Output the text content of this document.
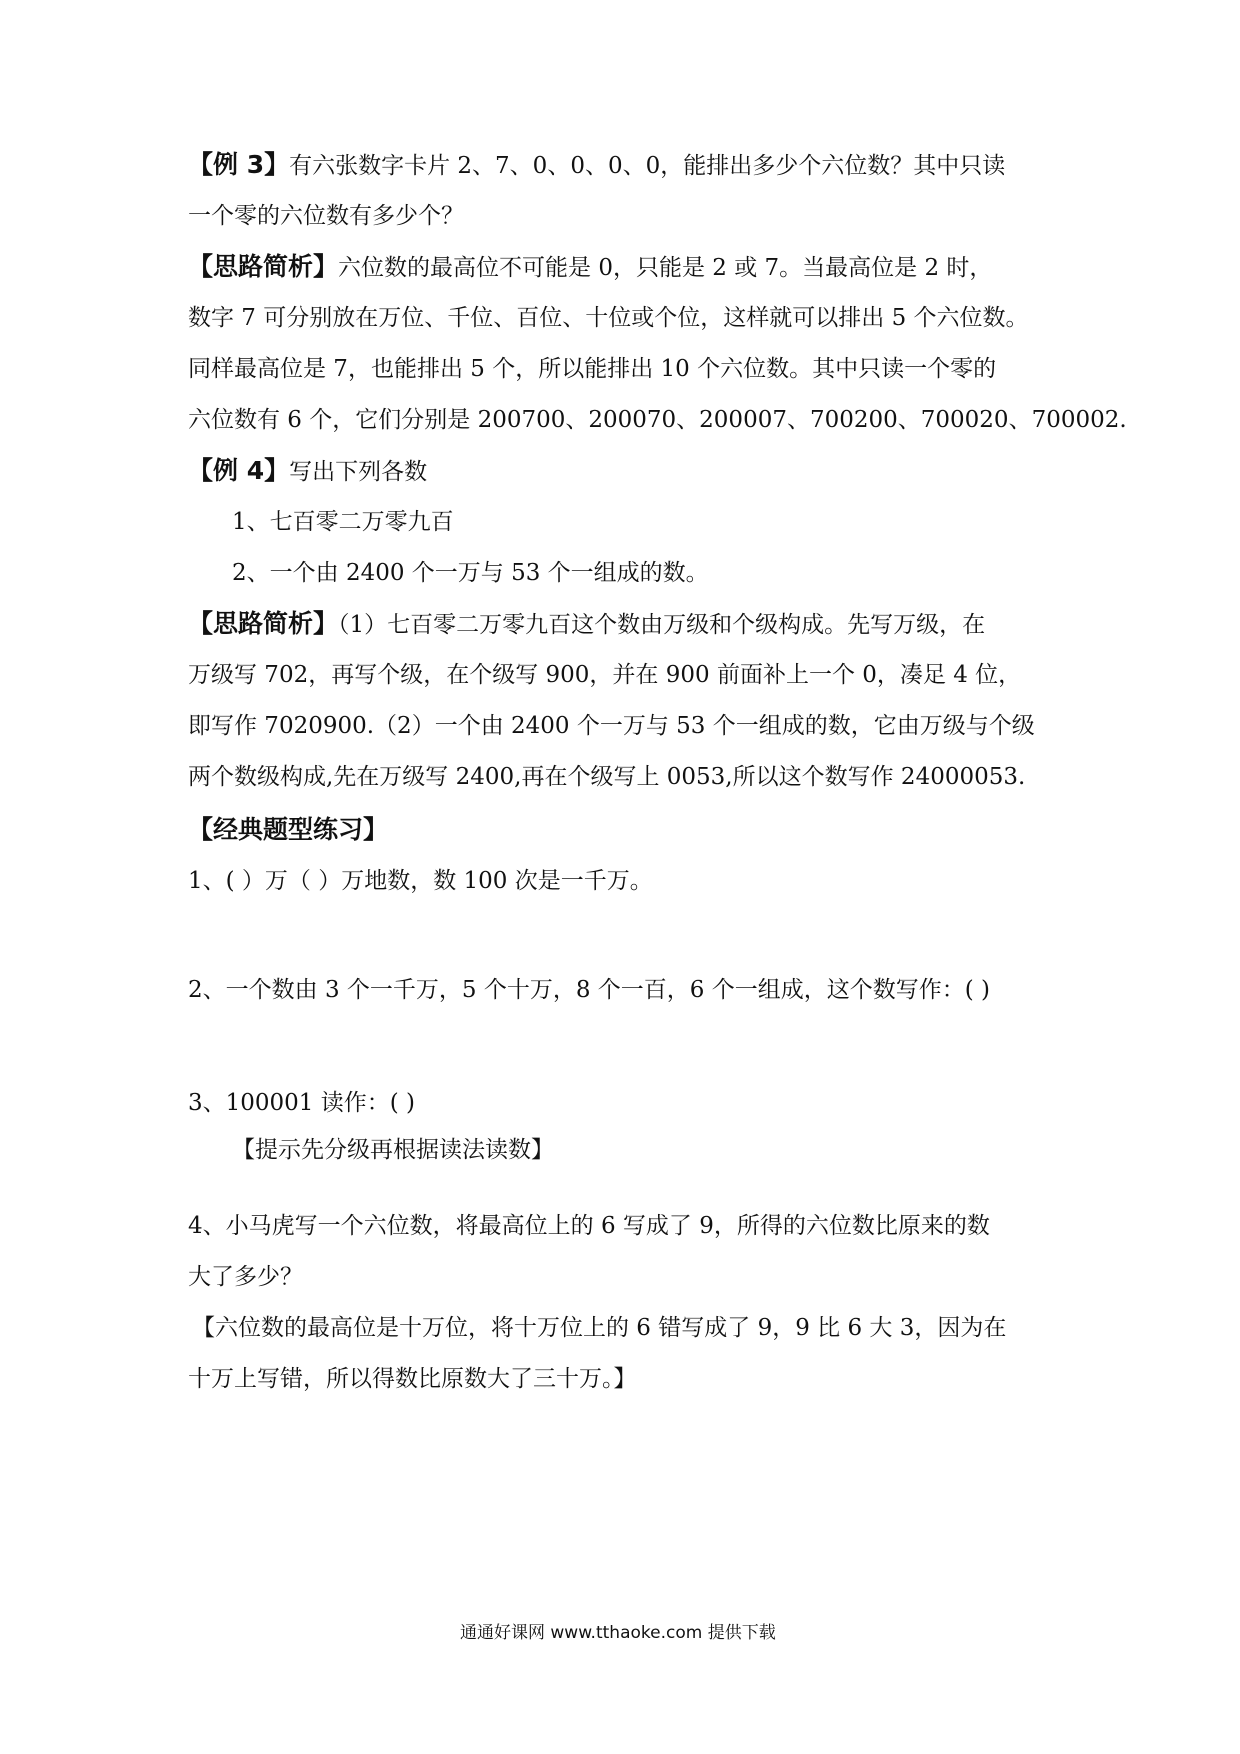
【例 3】有六张数字卡片 2、7、0、0、0、0，能排出多少个六位数？其中只读
一个零的六位数有多少个？
【思路简析】六位数的最高位不可能是 0，只能是 2 或 7。当最高位是 2 时，
数字 7 可分别放在万位、千位、百位、十位或个位，这样就可以排出 5 个六位数。
同样最高位是 7，也能排出 5 个，所以能排出 10 个六位数。其中只读一个零的
六位数有 6 个，它们分别是 200700、200070、200007、700200、700020、700002.
【例 4】写出下列各数
1、七百零二万零九百
2、一个由 2400 个一万与 53 个一组成的数。
【思路简析】（1）七百零二万零九百这个数由万级和个级构成。先写万级，在
万级写 702，再写个级，在个级写 900，并在 900 前面补上一个 0，凑足 4 位，
即写作 7020900.（2）一个由 2400 个一万与 53 个一组成的数，它由万级与个级
两个数级构成,先在万级写 2400,再在个级写上 0053,所以这个数写作 24000053.
【经典题型练习】
1、( ）万（ ）万地数，数 100 次是一千万。
2、一个数由 3 个一千万，5 个十万，8 个一百，6 个一组成，这个数写作：( )
3、100001 读作：( )
【提示先分级再根据读法读数】
4、小马虎写一个六位数，将最高位上的 6 写成了 9，所得的六位数比原来的数
大了多少？
【六位数的最高位是十万位，将十万位上的 6 错写成了 9，9 比 6 大 3，因为在
十万上写错，所以得数比原数大了三十万。】
通通好课网 www.tthaoke.com 提供下载
